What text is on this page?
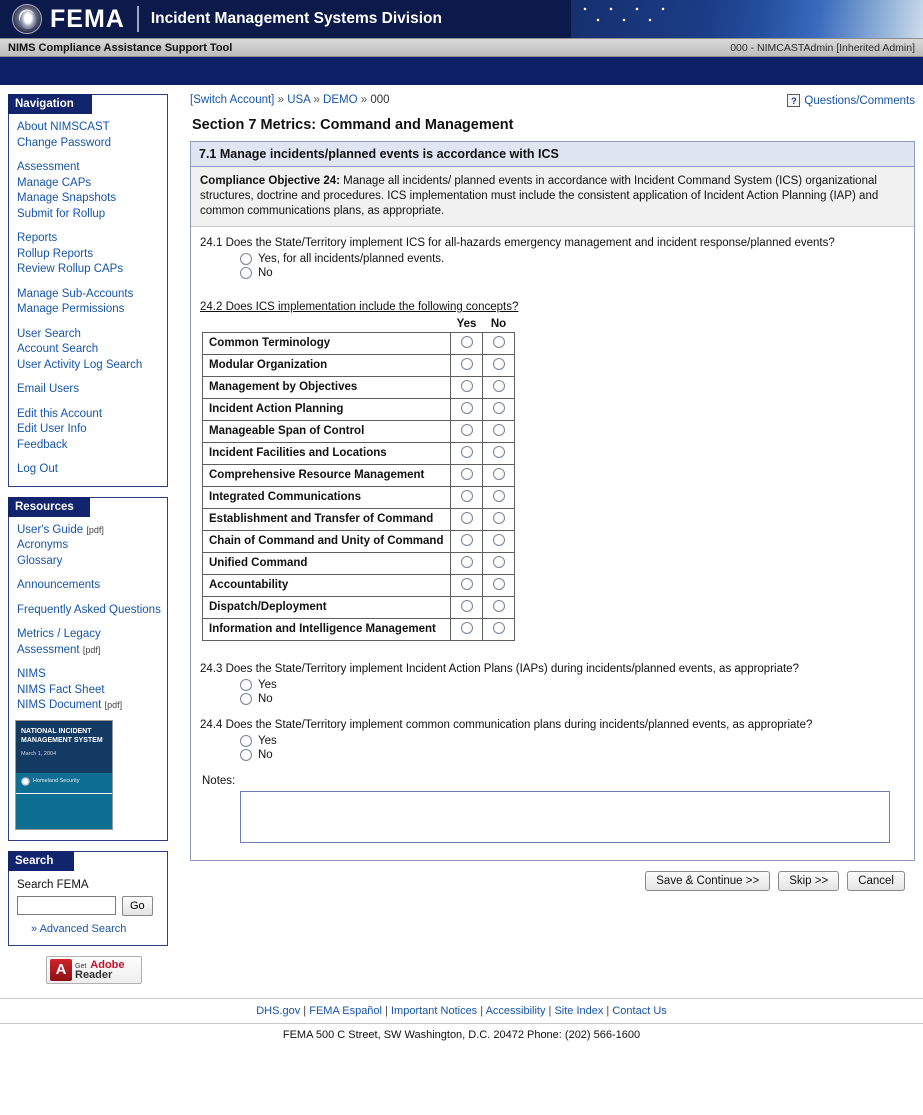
FEMA Incident Management Systems Division
NIMS Compliance Assistance Support Tool	000 - NIMCASTAdmin [Inherited Admin]
Navigation
About NIMSCAST
Change Password
Assessment
Manage CAPs
Manage Snapshots
Submit for Rollup
Reports
Rollup Reports
Review Rollup CAPs
Manage Sub-Accounts
Manage Permissions
User Search
Account Search
User Activity Log Search
Email Users
Edit this Account
Edit User Info
Feedback
Log Out
Resources
User's Guide [pdf]
Acronyms
Glossary
Announcements
Frequently Asked Questions
Metrics / Legacy Assessment [pdf]
NIMS
NIMS Fact Sheet
NIMS Document [pdf]
NATIONAL INCIDENT MANAGEMENT SYSTEM
March 1, 2004
Homeland Security
Search
Search FEMA
Go
» Advanced Search
A	Get Adobe
Reader
[Switch Account] » USA » DEMO » 000	? Questions/Comments
Section 7 Metrics: Command and Management
7.1 Manage incidents/planned events is accordance with ICS
Compliance Objective 24: Manage all incidents/ planned events in accordance with Incident Command System (ICS) organizational structures, doctrine and procedures. ICS implementation must include the consistent application of Incident Action Planning (IAP) and common communications plans, as appropriate.
24.1 Does the State/Territory implement ICS for all-hazards emergency management and incident response/planned events?
Yes, for all incidents/planned events.
No
24.2 Does ICS implementation include the following concepts?
	Yes	No
Common Terminology		
Modular Organization		
Management by Objectives		
Incident Action Planning		
Manageable Span of Control		
Incident Facilities and Locations		
Comprehensive Resource Management		
Integrated Communications		
Establishment and Transfer of Command		
Chain of Command and Unity of Command		
Unified Command		
Accountability		
Dispatch/Deployment		
Information and Intelligence Management		
24.3 Does the State/Territory implement Incident Action Plans (IAPs) during incidents/planned events, as appropriate?
Yes
No
24.4 Does the State/Territory implement common communication plans during incidents/planned events, as appropriate?
Yes
No
Notes:
Save & Continue >>	Skip >>	Cancel
DHS.gov | FEMA Español | Important Notices | Accessibility | Site Index | Contact Us
FEMA 500 C Street, SW Washington, D.C. 20472 Phone: (202) 566-1600
